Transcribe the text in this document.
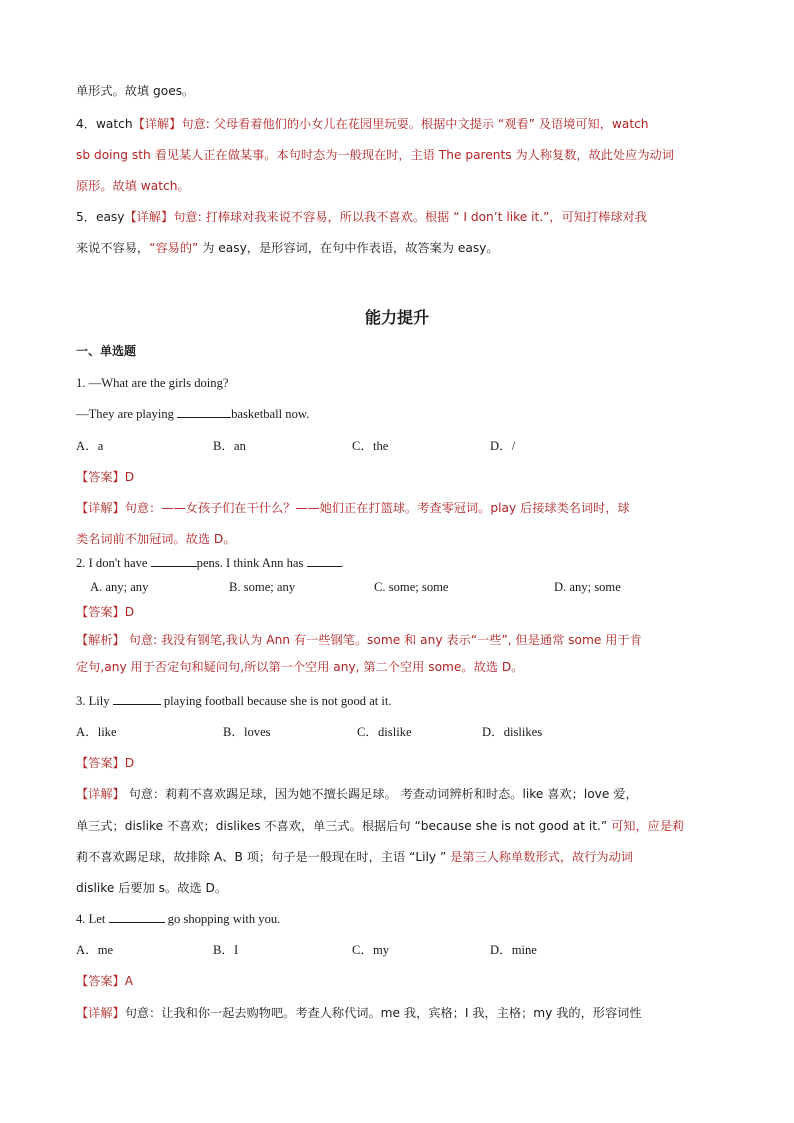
单形式。故填 goes。
4．watch【详解】句意: 父母看着他们的小女儿在花园里玩耍。根据中文提示 “观看” 及语境可知，watch
sb doing sth 看见某人正在做某事。本句时态为一般现在时，主语 The parents 为人称复数，故此处应为动词
原形。故填 watch。
5．easy【详解】句意: 打棒球对我来说不容易，所以我不喜欢。根据 “ I don’t like it.”，可知打棒球对我
来说不容易，“容易的” 为 easy，是形容词，在句中作表语，故答案为 easy。
能力提升
一、单选题
1. —What are the girls doing?
—They are playing	basketball now.
A．a	B．an	C．the	D．/
【答案】D
【详解】句意：——女孩子们在干什么？——她们正在打篮球。考查零冠词。play 后接球类名词时，球
类名词前不加冠词。故选 D。
2. I don't have	pens. I think Ann has	.
A. any; any	B. some; any	C. some; some	D. any; some
【答案】D
【解析】 句意: 我没有钢笔,我认为 Ann 有一些钢笔。some 和 any 表示“一些”, 但是通常 some 用于肯
定句,any 用于否定句和疑问句,所以第一个空用 any, 第二个空用 some。故选 D。
3. Lily	playing football because she is not good at it.
A．like	B．loves	C．dislike	D．dislikes
【答案】D
【详解】 句意：莉莉不喜欢踢足球，因为她不擅长踢足球。 考查动词辨析和时态。like 喜欢；love 爱，
单三式；dislike 不喜欢；dislikes 不喜欢，单三式。根据后句 “because she is not good at it.” 可知，应是莉
莉不喜欢踢足球，故排除 A、B 项；句子是一般现在时，主语 “Lily ” 是第三人称单数形式，故行为动词
dislike 后要加 s。故选 D。
4. Let	go shopping with you.
A．me	B．I	C．my	D．mine
【答案】A
【详解】句意：让我和你一起去购物吧。考查人称代词。me 我，宾格；I 我，主格；my 我的，形容词性
